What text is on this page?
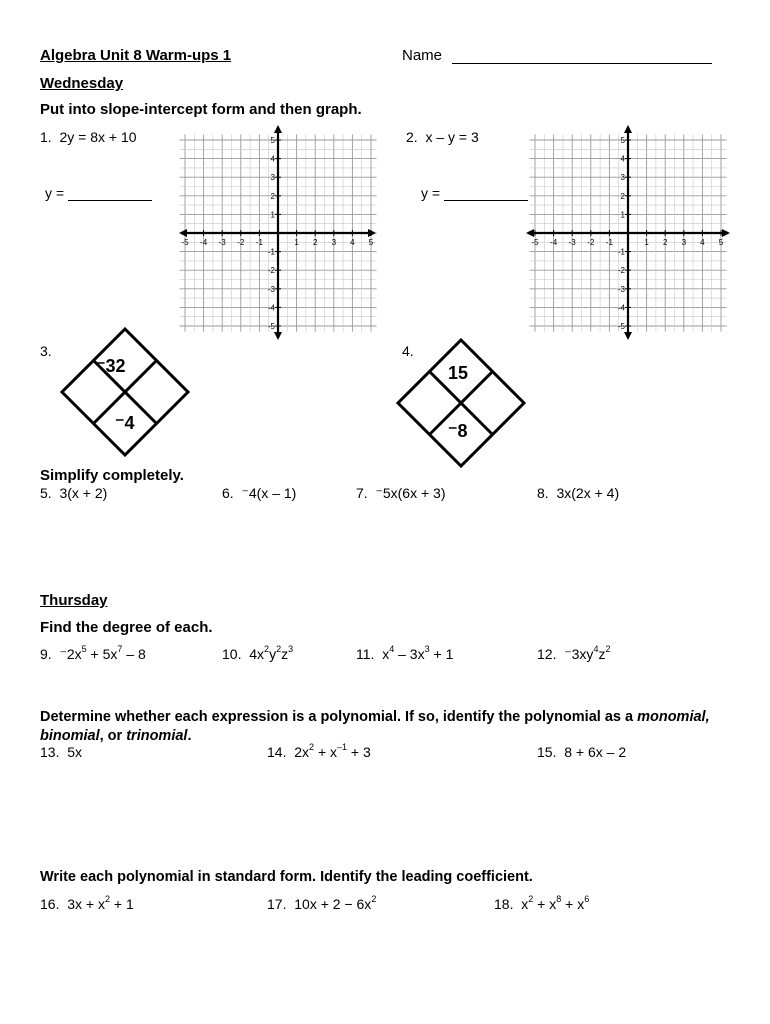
Algebra Unit 8 Warm-ups 1	Name
Wednesday
Put into slope-intercept form and then graph.
1. 2y = 8x + 10
y =
2. x – y = 3
y =
-5
-5
-4
-4
-3
-3
-2
-2
-1
-1
1
1
2
2
3
3
4
4
5
5
-5
-5
-4
-4
-3
-3
-2
-2
-1
-1
1
1
2
2
3
3
4
4
5
5
3.
⁻32
⁻4
4.
15
⁻8
Simplify completely.
5. 3(x + 2)	6. ⁻4(x – 1)	7. ⁻5x(6x + 3)	8. 3x(2x + 4)
Thursday
Find the degree of each.
9. $^-2x^5 + 5x^7 - 8$	10. $4x^2y^2z^3$	11. $x^4 - 3x^3 + 1$	12. $^-3xy^4z^2$
Determine whether each expression is a polynomial. If so, identify the polynomial as a monomial, binomial, or trinomial.
13. 5x	14. $2x^2 + x^{-1} + 3$	15. 8 + 6x – 2
Write each polynomial in standard form. Identify the leading coefficient.
16. $3x + x^2 + 1$	17. $10x + 2 - 6x^2$	18. $x^2 + x^8 + x^6$
